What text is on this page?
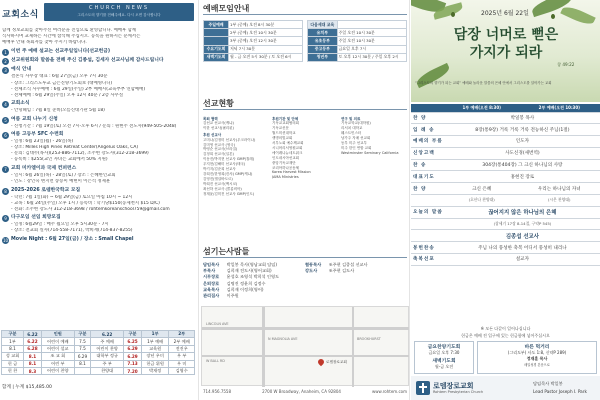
교회소식
CHURCH NEWS
그리스도의 향기를 전해주세요. 다시 오면 감사합니다
함께 정보교회를 찾아주신 여러분을 진심으로 환영합니다. 예배후 함께
식사하시며 교제하는 시간에 참석해 주십시오. 등록을 원하시는 분께서는
예배후 안내 목회자를 찾아 주시기 바랍니다.
1 이번 주 예배 설교는 선교주일입니다(선교헌금)
2 선교위원회와 말씀을 전해 주신 김종섭, 김세자 선교사님께 감사드립니다
3 예식 안내
결혼식 사무장 대표 : 6월 27일(금) 오후 7시 30분
- 장소: 그리스도투교 금은진양기도회보 (대예빙디디)
- 전체소식 사수예배 : 6월 29일(주일) 2부 예배시(교육부부 연합예배)
- 전체예배 : 6월 29일(주일) 오후 12시 40분 / 2층 사무실
4 교회소식
- 안녕헤임 : 7월 8일 준비(오름신대기관 5월 18)
5 여름 교회 나누기 신청
- 신청기간 : 7월 19일(토) 오전 7시-오후 6시 / 문의 : 원현주 전도사(949-505-2048)
6 여름 고등부 SFC 수련회
- 일정: 6월 23일(월) - 26일(목)
- 장소: Milles High Pines Retreat Center(Angelus Oaks, CA)
- 문의: 김대두(목사)(253-886-7112), 조주현 강도사(312-218-3699)
- 등록비 : $255(교인 자녀는 교회에서 50% 지원)
7 교회 미카엘이과 국제 컨퍼런스
- 일시: 6월 26일(목) - 28일(토) / 장소 : 은혜한인교회
- 인도 : 강인숙 변지면 송승미 예현미 이은석 정제훈
8 2025-2026 로뎀한국학교 모집
- 학년: 7월 1일(화) ~ 6월 29일(금) 토요일 아침 10시 ~ 12시
- 교목 : 6월 24일(주일) 오후 1시 / 등록비 : 학기당$150(동제천지 $15 D/C)
- 전화: 조주현 강도사 312-218-3698 / rohtemkoreanschool759@gmail.com
9 다구모임 선임 희망모집
- 일정: 6월29일 : 매주 월요일 오후 5시30분 - 7시
- 장소: 전교회 실사(714-558-7171), 박희재(714-837-8255)
10 Movie Night : 6월 27일(금) / 장소 : Small Chapel
구분	6.22	인원	구분	6.22	구분	1부	2부
1부	6.22	어린이 예배	7.5	주 예배	6.25	1부 예배	2부 예배
8.1	6.28	어린이 설교	7.5	어린이 찬양	6.29	교육원	전진우
성 교회	8.1	조 교 회	6.29	대학부 정규	6.29	장년 우미	우 부
헌 금	8.1	어린 부	8.1	주 부	7.13	헌금 위원	우 미
헌 찬	8.3	어린이 찬양		찬양대	7.20	박재정	김영수
합계 | 누계 $15,485.00
예배모임안내
주일예배	1부 (중예) 오전 8시 30분
	2부 (중예) 오전 10시 30분
	3부 (중예) 오전 12시 30분
수요기도회	저녁 7시 30분
새벽기도회	월 - 금 오전 5시 30분 / 토 오전 6시
다음세대 교육	
유치부	주일 오전 10시 30분
유초등부	주일 오전 10시 30분
중고등부	금요일 오후 7시
청년부	토 오후 12시 30분 / 주일 오후 2시
선교현황
목회 협력
김선교 선교사(케냐)
이한 선교사(필리핀)
후원 선교사
고미나/김정미 선교사(우크라이나)
김미영 선교사 (영국)
박영순 선교사(브라질)
김정희 선교사(일본)
이동진/박지현 선교사 GMP(칠레)
우지현/김해미 선교사(태국)
박기지/김준희 선교사
강희진/한영희(킨샤) GMP(케냐)
김영진(엘살바도르)
박희진 선교사(멕시코)
최선하 선교사 (콜롬비아)
정재윤/김미진 선교사 GMP(인도)
후원기관 및 단체
기독교교회협의회
기독교신문
월드미션대학교
생명의빛교회
서부노회 예수께교회
시니어리서영원교회
에이레나뉴네트워크
인도네시아선교회
중앙기독교재단
코리아하나공동체
Korea Harvest Mission
JAMA Ministries
연구 및 의료
기독교학교(대학원)
리서치 대학교
웨스트민스터
남가주 자매 선교회
동부 미주 선교부
미주 한인 연합 교회
Westminster Seminary California
섬기는사람들
담임목사	박일봉 목사(영남교회 담임)	협동목사	조주현 김종섭 선교사
부목사	김희재 전도사(영어교회)	강도사	조주현 김도사
시무장로	윤성호 조영석 박희석 인영도
은퇴장로	김명진 정윤희 김정수
교육목사	김희재 이정희(영어)
관리집사	이주원
LINCOLN AVE
N MAGNOLIA AVE
W BALL RD
BROOKHURST
로뎀장로교회
714.956.7558	2700 W Broadway, Anaheim, CA 92804	www.rohtem.com
2025년 6월 22일
담장 너머로 뻗은
가지가 되라
창 49:22
“그리스도의 향기가 되는 교회” 예배와 놀라운 말씀의 은혜 안에서 그리스도를 알아가는 교회
	1부 예배(오전 8:30)	2부 예배(오전 10:30)
찬 양	박일봉 목사	
입 례 송	8장(통9장) 거룩 거룩 거룩 전능하신 주님(1절)	
예배의 부름	인도자	
신앙고백	사도신경(새번역)	
찬 송	304장(통404장) 그 크신 하나님의 사랑	
대표기도	홍현진 장로	
찬 양	크신 은혜	우리는 하나님의 자녀
	(호산나 찬양대)	(시온 찬양대)
오늘의 말씀	끊어지지 않은 하나님의 은혜	
	(창세기 17장 8-14절, 구약P 545)	
	김종섭 선교사	
봉헌찬송	주님 나의 풍성한 축복 어디서 풍성히 내리나	
축복선포	설교자	
※ 모든 다같이 일어나십니다
헌금은 예배 전 입구에 있는 헌금함에 넣어주십시오
금요찬양기도회
금요일 오후 7:30
새벽기도회
월-금 오전
바른 먹거리
(그리도부) 사도 1:8, 신약P 289)
정재훈 목사
매일성경 본문으로
로뎀장로교회
Rohtem Presbyterian Church
담임목사 박일봉
Lead Pastor Joseph I. Park
